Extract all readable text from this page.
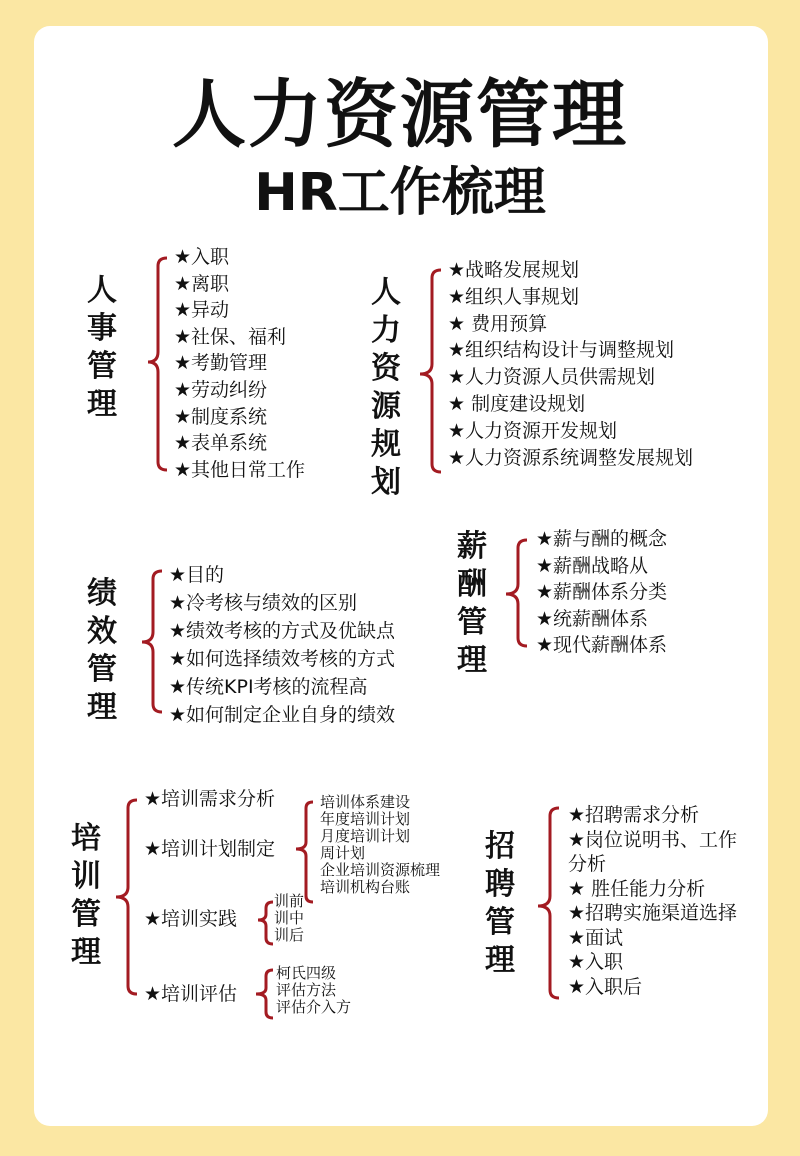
人力资源管理
HR工作梳理
人事管理
★入职
★离职
★异动
★社保、福利
★考勤管理
★劳动纠纷
★制度系统
★表单系统
★其他日常工作
人力资源规划
★战略发展规划
★组织人事规划
★ 费用预算
★组织结构设计与调整规划
★人力资源人员供需规划
★ 制度建设规划
★人力资源开发规划
★人力资源系统调整发展规划
薪酬管理
★薪与酬的概念
★薪酬战略从
★薪酬体系分类
★统薪酬体系
★现代薪酬体系
绩效管理
★目的
★冷考核与绩效的区别
★绩效考核的方式及优缺点
★如何选择绩效考核的方式
★传统KPI考核的流程高
★如何制定企业自身的绩效
培训管理
★培训需求分析
★培训计划制定
培训体系建设
年度培训计划
月度培训计划
周计划
企业培训资源梳理
培训机构台账
★培训实践
训前
训中
训后
★培训评估
柯氏四级
评估方法
评估介入方
招聘管理
★招聘需求分析
★岗位说明书、工作
分析
★ 胜任能力分析
★招聘实施渠道选择
★面试
★入职
★入职后
